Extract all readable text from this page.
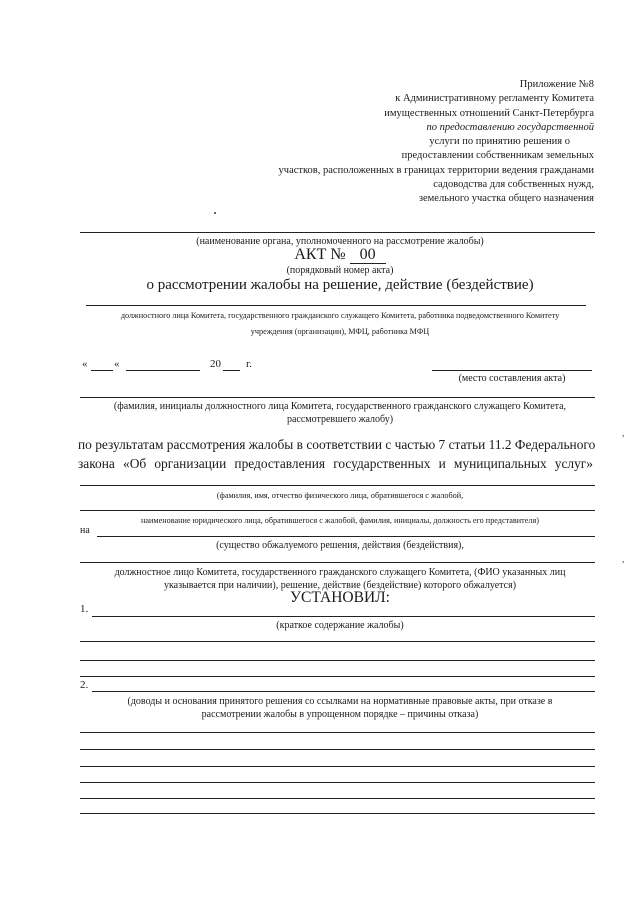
Приложение №8
к Административному регламенту Комитета
имущественных отношений Санкт-Петербурга
по предоставлению государственной
услуги по принятию решения о
предоставлении собственникам земельных
участков, расположенных в границах территории ведения гражданами
садоводства для собственных нужд,
земельного участка общего назначения
(наименование органа, уполномоченного на рассмотрение жалобы)
АКТ № 00
(порядковый номер акта)
о рассмотрении жалобы на решение, действие (бездействие)
должностного лица Комитета, государственного гражданского служащего Комитета, работника подведомственного Комитету
учреждения (организации), МФЦ, работника МФЦ
« «	20 г.
(место составления акта)
(фамилия, инициалы должностного лица Комитета, государственного гражданского служащего Комитета,
рассмотревшего жалобу)
,
по результатам рассмотрения жалобы в соответствии с частью 7 статьи 11.2 Федерального
закона «Об организации предоставления государственных и муниципальных услуг»
(фамилия, имя, отчество физического лица, обратившегося с жалобой,
наименование юридического лица, обратившегося с жалобой, фамилия, инициалы, должность его представителя)
на
(существо обжалуемого решения, действия (бездействия),
,
должностное лицо Комитета, государственного гражданского служащего Комитета, (ФИО указанных лиц
указывается при наличии), решение, действие (бездействие) которого обжалуется)
УСТАНОВИЛ:
1.
(краткое содержание жалобы)
2.
(доводы и основания принятого решения со ссылками на нормативные правовые акты, при отказе в
рассмотрении жалобы в упрощенном порядке – причины отказа)
